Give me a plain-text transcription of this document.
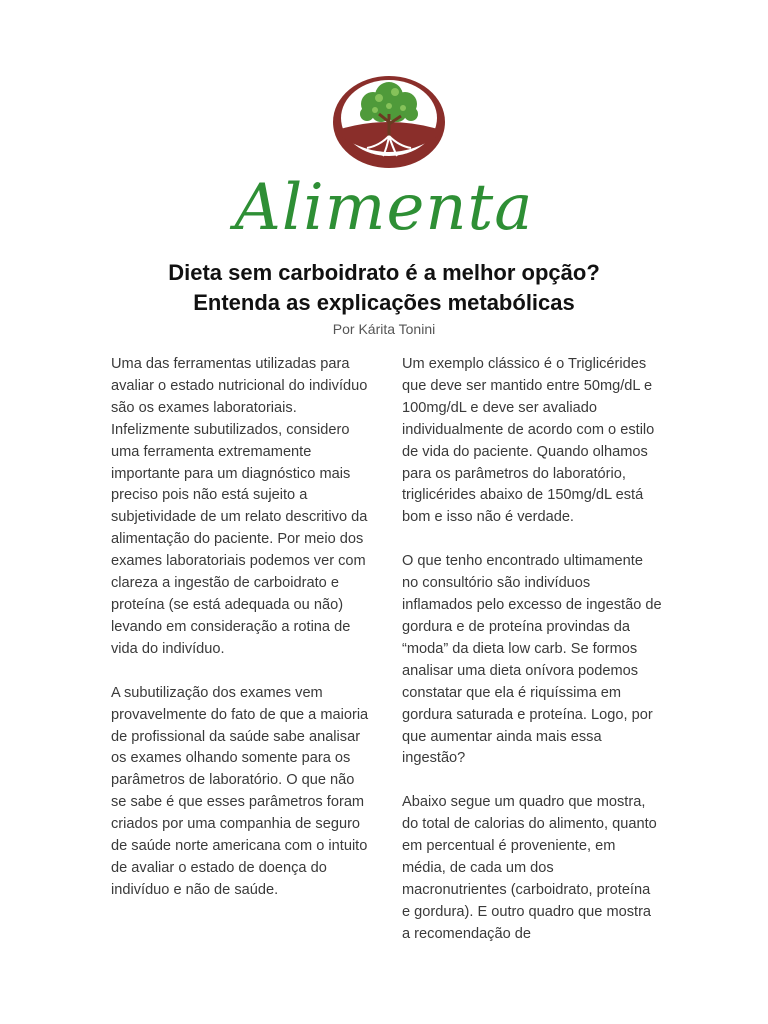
Alimenta
Dieta sem carboidrato é a melhor opção?
Entenda as explicações metabólicas
Por Kárita Tonini

Uma das ferramentas utilizadas para avaliar o estado nutricional do indivíduo são os exames laboratoriais. Infelizmente subutilizados, considero uma ferramenta extremamente importante para um diagnóstico mais preciso pois não está sujeito a subjetividade de um relato descritivo da alimentação do paciente. Por meio dos exames laboratoriais podemos ver com clareza a ingestão de carboidrato e proteína (se está adequada ou não) levando em consideração a rotina de vida do indivíduo.

A subutilização dos exames vem provavelmente do fato de que a maioria de profissional da saúde sabe analisar os exames olhando somente para os parâmetros de laboratório. O que não se sabe é que esses parâmetros foram criados por uma companhia de seguro de saúde norte americana com o intuito de avaliar o estado de doença do indivíduo e não de saúde.

Um exemplo clássico é o Triglicérides que deve ser mantido entre 50mg/dL e 100mg/dL e deve ser avaliado individualmente de acordo com o estilo de vida do paciente. Quando olhamos para os parâmetros do laboratório, triglicérides abaixo de 150mg/dL está bom e isso não é verdade.

O que tenho encontrado ultimamente no consultório são indivíduos inflamados pelo excesso de ingestão de gordura e de proteína provindas da “moda” da dieta low carb. Se formos analisar uma dieta onívora podemos constatar que ela é riquíssima em gordura saturada e proteína. Logo, por que aumentar ainda mais essa ingestão?

Abaixo segue um quadro que mostra, do total de calorias do alimento, quanto em percentual é proveniente, em média, de cada um dos macronutrientes (carboidrato, proteína e gordura). E outro quadro que mostra a recomendação de
